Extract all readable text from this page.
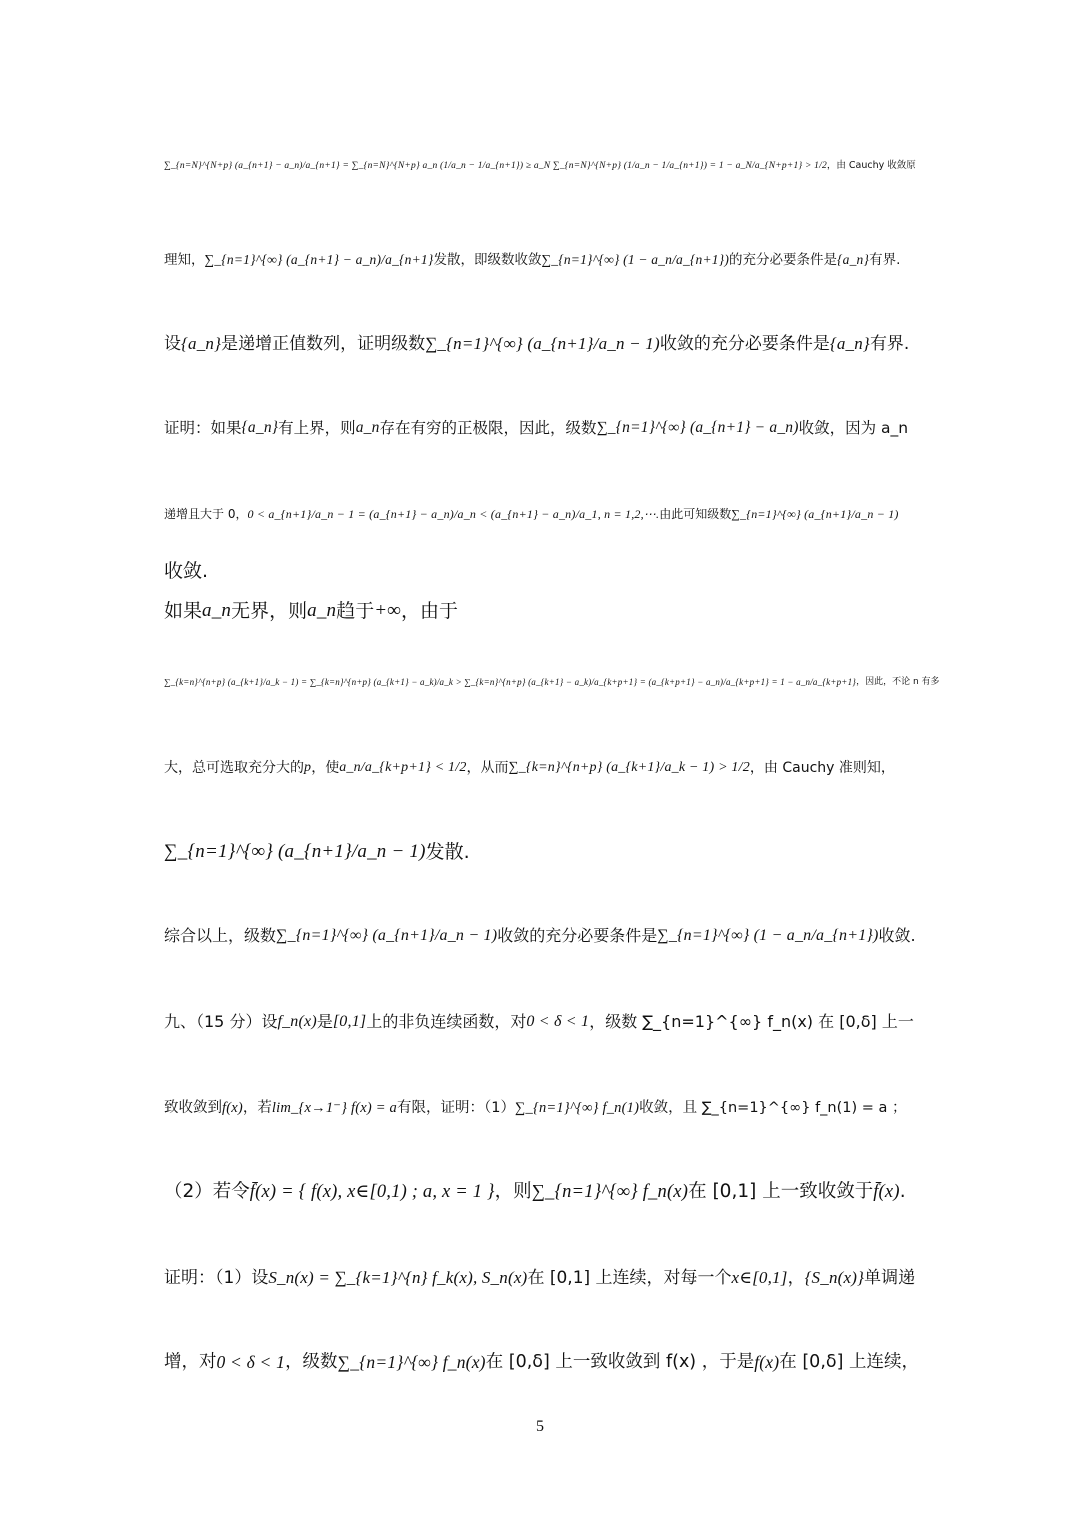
∑_{n=N}^{N+p} (a_{n+1} − a_n)/a_{n+1} = ∑_{n=N}^{N+p} a_n (1/a_n − 1/a_{n+1}) ≥ a_N ∑_{n=N}^{N+p} (1/a_n − 1/a_{n+1}) = 1 − a_N/a_{N+p+1} > 1/2 ，由 Cauchy 收敛原
理知， ∑_{n=1}^{∞} (a_{n+1} − a_n)/a_{n+1} 发散，即级数收敛 ∑_{n=1}^{∞} (1 − a_n/a_{n+1}) 的充分必要条件是 {a_n} 有界.
设 {a_n} 是递增正值数列，证明级数 ∑_{n=1}^{∞} (a_{n+1}/a_n − 1) 收敛的充分必要条件是 {a_n} 有界.
证明：如果 {a_n} 有上界，则 a_n 存在有穷的正极限，因此，级数 ∑_{n=1}^{∞} (a_{n+1} − a_n) 收敛，因为 a_n
递增且大于 0， 0 < a_{n+1}/a_n − 1 = (a_{n+1} − a_n)/a_n < (a_{n+1} − a_n)/a_1, n = 1,2,⋯. 由此可知级数 ∑_{n=1}^{∞} (a_{n+1}/a_n − 1)
收敛.
如果 a_n 无界，则 a_n 趋于 +∞ ，由于
∑_{k=n}^{n+p} (a_{k+1}/a_k − 1) = ∑_{k=n}^{n+p} (a_{k+1} − a_k)/a_k > ∑_{k=n}^{n+p} (a_{k+1} − a_k)/a_{k+p+1} = (a_{k+p+1} − a_n)/a_{k+p+1} = 1 − a_n/a_{k+p+1} ，因此，不论 n 有多
大，总可选取充分大的 p ，使 a_n/a_{k+p+1} < 1/2 ，从而 ∑_{k=n}^{n+p} (a_{k+1}/a_k − 1) > 1/2 ，由 Cauchy 准则知，
∑_{n=1}^{∞} (a_{n+1}/a_n − 1) 发散.
综合以上，级数 ∑_{n=1}^{∞} (a_{n+1}/a_n − 1) 收敛的充分必要条件是 ∑_{n=1}^{∞} (1 − a_n/a_{n+1}) 收敛.
九、（15 分）设 f_n(x) 是 [0,1] 上的非负连续函数，对 0 < δ < 1 ，级数 ∑_{n=1}^{∞} f_n(x) 在 [0,δ] 上一
致收敛到 f(x) ，若 lim_{x→1⁻} f(x) = a 有限，证明：（1） ∑_{n=1}^{∞} f_n(1) 收敛，且 ∑_{n=1}^{∞} f_n(1) = a ；
（2）若令 f̄(x) = { f(x), x∈[0,1) ; a, x = 1 } ，则 ∑_{n=1}^{∞} f_n(x) 在 [0,1] 上一致收敛于 f̄(x) .
证明：（1）设 S_n(x) = ∑_{k=1}^{n} f_k(x), S_n(x) 在 [0,1] 上连续，对每一个 x∈[0,1] ， {S_n(x)} 单调递
增，对 0 < δ < 1 ，级数 ∑_{n=1}^{∞} f_n(x) 在 [0,δ] 上一致收敛到 f(x) ，于是 f(x) 在 [0,δ] 上连续，
5
